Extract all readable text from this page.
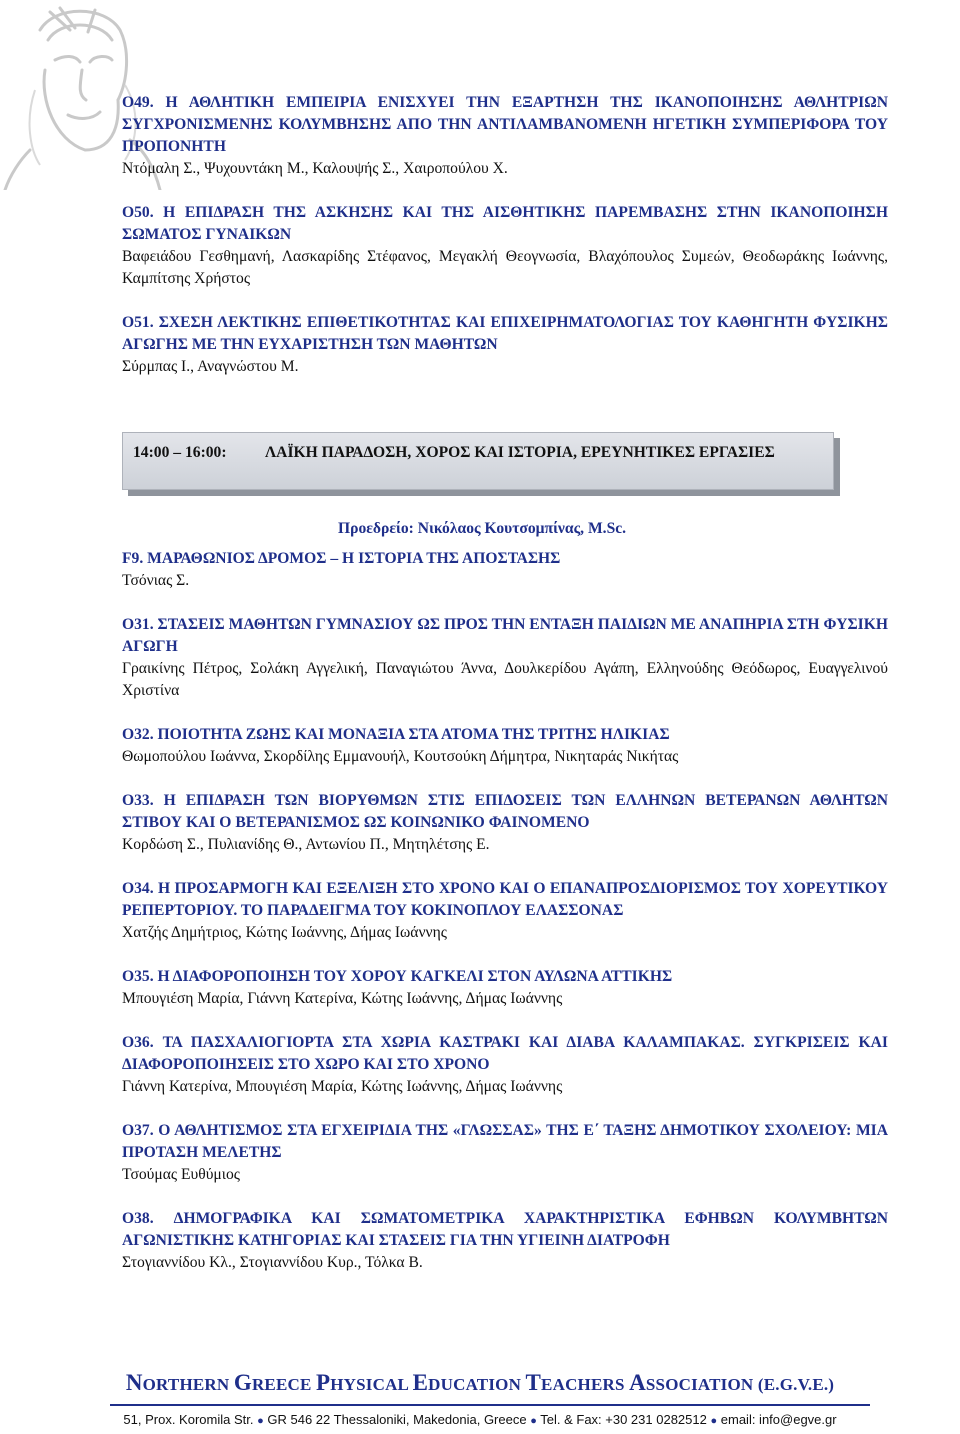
O49. Η ΑΘΛΗΤΙΚΗ ΕΜΠΕΙΡΙΑ ΕΝΙΣΧΥΕΙ ΤΗΝ ΕΞΑΡΤΗΣΗ ΤΗΣ ΙΚΑΝΟΠΟΙΗΣΗΣ ΑΘΛΗΤΡΙΩΝ ΣΥΓΧΡΟΝΙΣΜΕΝΗΣ ΚΟΛΥΜΒΗΣΗΣ ΑΠΟ ΤΗΝ ΑΝΤΙΛΑΜΒΑΝΟΜΕΝΗ ΗΓΕΤΙΚΗ ΣΥΜΠΕΡΙΦΟΡΑ ΤΟΥ ΠΡΟΠΟΝΗΤΗ
Ντόμαλη Σ., Ψυχουντάκη Μ., Καλουψής Σ., Χαιροπούλου Χ.
O50. Η ΕΠΙΔΡΑΣΗ ΤΗΣ ΑΣΚΗΣΗΣ ΚΑΙ ΤΗΣ ΑΙΣΘΗΤΙΚΗΣ ΠΑΡΕΜΒΑΣΗΣ ΣΤΗΝ ΙΚΑΝΟΠΟΙΗΣΗ ΣΩΜΑΤΟΣ ΓΥΝΑΙΚΩΝ
Βαφειάδου Γεσθημανή, Λασκαρίδης Στέφανος, Μεγακλή Θεογνωσία, Βλαχόπουλος Συμεών, Θεοδωράκης Ιωάννης, Καμπίτσης Χρήστος
O51. ΣΧΕΣΗ ΛΕΚΤΙΚΗΣ ΕΠΙΘΕΤΙΚΟΤΗΤΑΣ ΚΑΙ ΕΠΙΧΕΙΡΗΜΑΤΟΛΟΓΙΑΣ ΤΟΥ ΚΑΘΗΓΗΤΗ ΦΥΣΙΚΗΣ ΑΓΩΓΗΣ ΜΕ ΤΗΝ ΕΥΧΑΡΙΣΤΗΣΗ ΤΩΝ ΜΑΘΗΤΩΝ
Σύρμπας Ι., Αναγνώστου Μ.
14:00 – 16:00: ΛΑΪΚΗ ΠΑΡΑΔΟΣΗ, ΧΟΡΟΣ ΚΑΙ ΙΣΤΟΡΙΑ, ΕΡΕΥΝΗΤΙΚΕΣ ΕΡΓΑΣΙΕΣ
Προεδρείο: Νικόλαος Κουτσομπίνας, M.Sc.
F9. ΜΑΡΑΘΩΝΙΟΣ ΔΡΟΜΟΣ – Η ΙΣΤΟΡΙΑ ΤΗΣ ΑΠΟΣΤΑΣΗΣ
Τσόνιας Σ.
O31. ΣΤΑΣΕΙΣ ΜΑΘΗΤΩΝ ΓΥΜΝΑΣΙΟΥ ΩΣ ΠΡΟΣ ΤΗΝ ΕΝΤΑΞΗ ΠΑΙΔΙΩΝ ΜΕ ΑΝΑΠΗΡΙΑ ΣΤΗ ΦΥΣΙΚΗ ΑΓΩΓΗ
Γραικίνης Πέτρος, Σολάκη Αγγελική, Παναγιώτου Άννα, Δουλκερίδου Αγάπη, Ελληνούδης Θεόδωρος, Ευαγγελινού Χριστίνα
O32. ΠΟΙΟΤΗΤΑ ΖΩΗΣ ΚΑΙ ΜΟΝΑΞΙΑ ΣΤΑ ΑΤΟΜΑ ΤΗΣ ΤΡΙΤΗΣ ΗΛΙΚΙΑΣ
Θωμοπούλου Ιωάννα, Σκορδίλης Εμμανουήλ, Κουτσούκη Δήμητρα, Νικηταράς Νικήτας
O33. Η ΕΠΙΔΡΑΣΗ ΤΩΝ ΒΙΟΡΥΘΜΩΝ ΣΤΙΣ ΕΠΙΔΟΣΕΙΣ ΤΩΝ ΕΛΛΗΝΩΝ ΒΕΤΕΡΑΝΩΝ ΑΘΛΗΤΩΝ ΣΤΙΒΟΥ ΚΑΙ Ο ΒΕΤΕΡΑΝΙΣΜΟΣ ΩΣ ΚΟΙΝΩΝΙΚΟ ΦΑΙΝΟΜΕΝΟ
Κορδώση Σ., Πυλιανίδης Θ., Αντωνίου Π., Μητηλέτσης Ε.
O34. Η ΠΡΟΣΑΡΜΟΓΗ ΚΑΙ ΕΞΕΛΙΞΗ ΣΤΟ ΧΡΟΝΟ ΚΑΙ Ο ΕΠΑΝΑΠΡΟΣΔΙΟΡΙΣΜΟΣ ΤΟΥ ΧΟΡΕΥΤΙΚΟΥ ΡΕΠΕΡΤΟΡΙΟΥ. ΤΟ ΠΑΡΑΔΕΙΓΜΑ ΤΟΥ ΚΟΚΙΝΟΠΛΟΥ ΕΛΑΣΣΟΝΑΣ
Χατζής Δημήτριος, Κώτης Ιωάννης, Δήμας Ιωάννης
O35. Η ΔΙΑΦΟΡΟΠΟΙΗΣΗ ΤΟΥ ΧΟΡΟΥ ΚΑΓΚΕΛΙ ΣΤΟΝ ΑΥΛΩΝΑ ΑΤΤΙΚΗΣ
Μπουγιέση Μαρία, Γιάννη Κατερίνα, Κώτης Ιωάννης, Δήμας Ιωάννης
O36. ΤΑ ΠΑΣΧΑΛΙΟΓΙΟΡΤΑ ΣΤΑ ΧΩΡΙΑ ΚΑΣΤΡΑΚΙ ΚΑΙ ΔΙΑΒΑ ΚΑΛΑΜΠΑΚΑΣ. ΣΥΓΚΡΙΣΕΙΣ ΚΑΙ ΔΙΑΦΟΡΟΠΟΙΗΣΕΙΣ ΣΤΟ ΧΩΡΟ ΚΑΙ ΣΤΟ ΧΡΟΝΟ
Γιάννη Κατερίνα, Μπουγιέση Μαρία, Κώτης Ιωάννης, Δήμας Ιωάννης
O37. Ο ΑΘΛΗΤΙΣΜΟΣ ΣΤΑ ΕΓΧΕΙΡΙΔΙΑ ΤΗΣ «ΓΛΩΣΣΑΣ» ΤΗΣ Ε΄ ΤΑΞΗΣ ΔΗΜΟΤΙΚΟΥ ΣΧΟΛΕΙΟΥ: ΜΙΑ ΠΡΟΤΑΣΗ ΜΕΛΕΤΗΣ
Τσούμας Ευθύμιος
O38. ΔΗΜΟΓΡΑΦΙΚΑ ΚΑΙ ΣΩΜΑΤΟΜΕΤΡΙΚΑ ΧΑΡΑΚΤΗΡΙΣΤΙΚΑ ΕΦΗΒΩΝ ΚΟΛΥΜΒΗΤΩΝ ΑΓΩΝΙΣΤΙΚΗΣ ΚΑΤΗΓΟΡΙΑΣ ΚΑΙ ΣΤΑΣΕΙΣ ΓΙΑ ΤΗΝ ΥΓΙΕΙΝΗ ΔΙΑΤΡΟΦΗ
Στογιαννίδου Κλ., Στογιαννίδου Κυρ., Τόλκα Β.
NORTHERN GREECE PHYSICAL EDUCATION TEACHERS ASSOCIATION (E.G.V.E.)
51, Prox. Koromila Str. ● GR 546 22 Thessaloniki, Makedonia, Greece ● Tel. & Fax: +30 231 0282512 ● email: info@egve.gr
